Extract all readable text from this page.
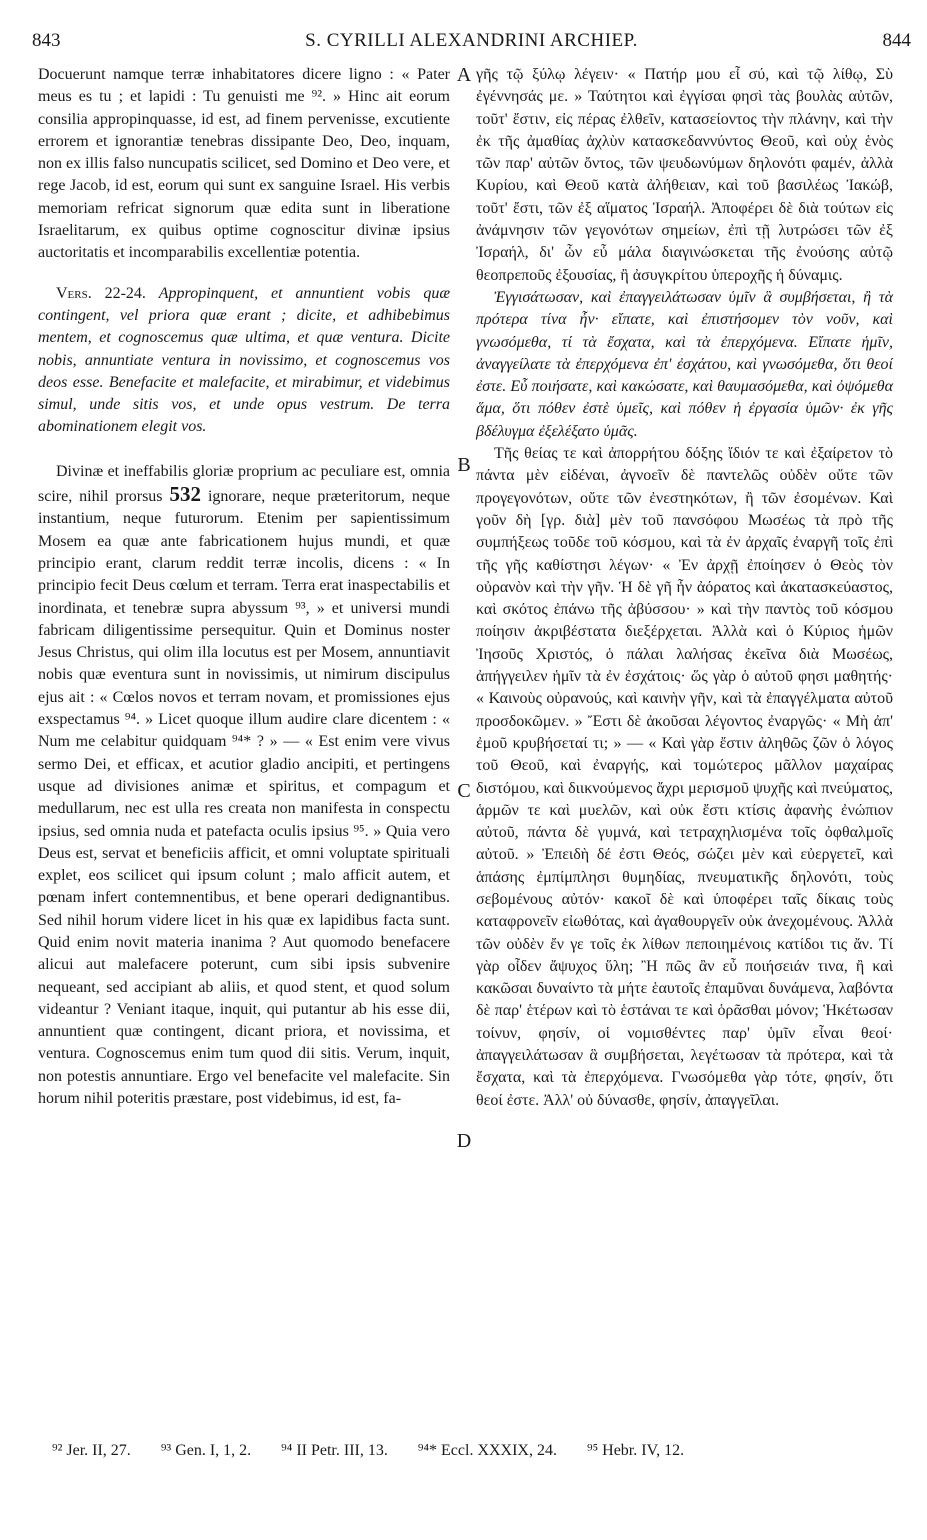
843	S. CYRILLI ALEXANDRINI ARCHIEP.	844

Docuerunt namque terræ inhabitatores dicere ligno : « Pater meus es tu ; et lapidi : Tu genuisti me ⁹². » Hinc ait eorum consilia appropinquasse, id est, ad finem pervenisse, excutiente errorem et ignorantiæ tenebras dissipante Deo, Deo, inquam, non ex illis falso nuncupatis scilicet, sed Domino et Deo vere, et rege Jacob, id est, eorum qui sunt ex sanguine Israel. His verbis memoriam refricat signorum quæ edita sunt in liberatione Israelitarum, ex quibus optime cognoscitur divinæ ipsius auctoritatis et incomparabilis excellentiæ potentia.

Vers. 22-24. Appropinquent, et annuntient vobis quæ contingent, vel priora quæ erant ; dicite, et adhibebimus mentem, et cognoscemus quæ ultima, et quæ ventura. Dicite nobis, annuntiate ventura in novissimo, et cognoscemus vos deos esse. Benefacite et malefacite, et mirabimur, et videbimus simul, unde sitis vos, et unde opus vestrum. De terra abominationem elegit vos.

Divinæ et ineffabilis gloriæ proprium ac peculiare est, omnia scire, nihil prorsus 532 ignorare, neque præteritorum, neque instantium, neque futurorum. Etenim per sapientissimum Mosem ea quæ ante fabricationem hujus mundi, et quæ principio erant, clarum reddit terræ incolis, dicens : « In principio fecit Deus cœlum et terram. Terra erat inaspectabilis et inordinata, et tenebræ supra abyssum ⁹³, » et universi mundi fabricam diligentissime persequitur. Quin et Dominus noster Jesus Christus, qui olim illa locutus est per Mosem, annuntiavit nobis quæ eventura sunt in novissimis, ut nimirum discipulus ejus ait : « Cœlos novos et terram novam, et promissiones ejus exspectamus ⁹⁴. » Licet quoque illum audire clare dicentem : « Num me celabitur quidquam ⁹⁴* ? » — « Est enim vere vivus sermo Dei, et efficax, et acutior gladio ancipiti, et pertingens usque ad divisiones animæ et spiritus, et compagum et medullarum, nec est ulla res creata non manifesta in conspectu ipsius, sed omnia nuda et patefacta oculis ipsius ⁹⁵. » Quia vero Deus est, servat et beneficiis afficit, et omni voluptate spirituali explet, eos scilicet qui ipsum colunt ; malo afficit autem, et pœnam infert contemnentibus, et bene operari dedignantibus. Sed nihil horum videre licet in his quæ ex lapidibus facta sunt. Quid enim novit materia inanima ? Aut quomodo benefacere alicui aut malefacere poterunt, cum sibi ipsis subvenire nequeant, sed accipiant ab aliis, et quod stent, et quod solum videantur ? Veniant itaque, inquit, qui putantur ab his esse dii, annuntient quæ contingent, dicant priora, et novissima, et ventura. Cognoscemus enim tum quod dii sitis. Verum, inquit, non potestis annuntiare. Ergo vel benefacite vel malefacite. Sin horum nihil poteritis præstare, post videbimus, id est, fa-

A
B
C
D

γῆς τῷ ξύλῳ λέγειν· « Πατήρ μου εἶ σύ, καὶ τῷ λίθῳ, Σὺ ἐγέννησάς με. » Ταύτητοι καὶ ἐγγίσαι φησὶ τὰς βουλὰς αὐτῶν, τοῦτ' ἔστιν, εἰς πέρας ἐλθεῖν, κατασείοντος τὴν πλάνην, καὶ τὴν ἐκ τῆς ἀμαθίας ἀχλὺν κατασκεδαννύντος Θεοῦ, καὶ οὐχ ἑνὸς τῶν παρ' αὐτῶν ὄντος, τῶν ψευδωνύμων δηλονότι φαμέν, ἀλλὰ Κυρίου, καὶ Θεοῦ κατὰ ἀλήθειαν, καὶ τοῦ βασιλέως Ἰακώβ, τοῦτ' ἔστι, τῶν ἐξ αἵματος Ἰσραήλ. Ἀποφέρει δὲ διὰ τούτων εἰς ἀνάμνησιν τῶν γεγονότων σημείων, ἐπὶ τῇ λυτρώσει τῶν ἐξ Ἰσραήλ, δι' ὧν εὖ μάλα διαγινώσκεται τῆς ἐνούσης αὐτῷ θεοπρεποῦς ἐξουσίας, ἢ ἀσυγκρίτου ὑπεροχῆς ἡ δύναμις.

Ἐγγισάτωσαν, καὶ ἐπαγγειλάτωσαν ὑμῖν ἃ συμβήσεται, ἢ τὰ πρότερα τίνα ἦν· εἴπατε, καὶ ἐπιστήσομεν τὸν νοῦν, καὶ γνωσόμεθα, τί τὰ ἔσχατα, καὶ τὰ ἐπερχόμενα. Εἴπατε ἡμῖν, ἀναγγείλατε τὰ ἐπερχόμενα ἐπ' ἐσχάτου, καὶ γνωσόμεθα, ὅτι θεοί ἐστε. Εὖ ποιήσατε, καὶ κακώσατε, καὶ θαυμασόμεθα, καὶ ὀψόμεθα ἅμα, ὅτι πόθεν ἐστὲ ὑμεῖς, καὶ πόθεν ἡ ἐργασία ὑμῶν· ἐκ γῆς βδέλυγμα ἐξελέξατο ὑμᾶς.

Τῆς θείας τε καὶ ἀπορρήτου δόξης ἴδιόν τε καὶ ἐξαίρετον τὸ πάντα μὲν εἰδέναι, ἀγνοεῖν δὲ παντελῶς οὐδὲν οὔτε τῶν προγεγονότων, οὔτε τῶν ἐνεστηκότων, ἢ τῶν ἐσομένων. Καὶ γοῦν δὴ [γρ. διὰ] μὲν τοῦ πανσόφου Μωσέως τὰ πρὸ τῆς συμπήξεως τοῦδε τοῦ κόσμου, καὶ τὰ ἐν ἀρχαῖς ἐναργῆ τοῖς ἐπὶ τῆς γῆς καθίστησι λέγων· « Ἐν ἀρχῇ ἐποίησεν ὁ Θεὸς τὸν οὐρανὸν καὶ τὴν γῆν. Ἡ δὲ γῆ ἦν ἀόρατος καὶ ἀκατασκεύαστος, καὶ σκότος ἐπάνω τῆς ἀβύσσου· » καὶ τὴν παντὸς τοῦ κόσμου ποίησιν ἀκριβέστατα διεξέρχεται. Ἀλλὰ καὶ ὁ Κύριος ἡμῶν Ἰησοῦς Χριστός, ὁ πάλαι λαλήσας ἐκεῖνα διὰ Μωσέως, ἀπήγγειλεν ἡμῖν τὰ ἐν ἐσχάτοις· ὥς γὰρ ὁ αὐτοῦ φησι μαθητής· « Καινοὺς οὐρανούς, καὶ καινὴν γῆν, καὶ τὰ ἐπαγγέλματα αὐτοῦ προσδοκῶμεν. » Ἔστι δὲ ἀκοῦσαι λέγοντος ἐναργῶς· « Μὴ ἀπ' ἐμοῦ κρυβήσεταί τι; » — « Καὶ γὰρ ἔστιν ἀληθῶς ζῶν ὁ λόγος τοῦ Θεοῦ, καὶ ἐναργής, καὶ τομώτερος μᾶλλον μαχαίρας διστόμου, καὶ διικνούμενος ἄχρι μερισμοῦ ψυχῆς καὶ πνεύματος, ἁρμῶν τε καὶ μυελῶν, καὶ οὐκ ἔστι κτίσις ἀφανὴς ἐνώπιον αὐτοῦ, πάντα δὲ γυμνά, καὶ τετραχηλισμένα τοῖς ὀφθαλμοῖς αὐτοῦ. » Ἐπειδὴ δέ ἐστι Θεός, σώζει μὲν καὶ εὐεργετεῖ, καὶ ἁπάσης ἐμπίμπλησι θυμηδίας, πνευματικῆς δηλονότι, τοὺς σεβομένους αὐτόν· κακοῖ δὲ καὶ ὑποφέρει ταῖς δίκαις τοὺς καταφρονεῖν εἰωθότας, καὶ ἀγαθουργεῖν οὐκ ἀνεχομένους. Ἀλλὰ τῶν οὐδὲν ἔν γε τοῖς ἐκ λίθων πεποιημένοις κατίδοι τις ἄν. Τί γὰρ οἶδεν ἄψυχος ὕλη; Ἢ πῶς ἂν εὖ ποιήσειάν τινα, ἢ καὶ κακῶσαι δυναίντο τὰ μήτε ἑαυτοῖς ἐπαμῦναι δυνάμενα, λαβόντα δὲ παρ' ἑτέρων καὶ τὸ ἑστάναι τε καὶ ὁρᾶσθαι μόνον; Ἡκέτωσαν τοίνυν, φησίν, οἱ νομισθέντες παρ' ὑμῖν εἶναι θεοί· ἀπαγγειλάτωσαν ἃ συμβήσεται, λεγέτωσαν τὰ πρότερα, καὶ τὰ ἔσχατα, καὶ τὰ ἐπερχόμενα. Γνωσόμεθα γὰρ τότε, φησίν, ὅτι θεοί ἐστε. Ἀλλ' οὐ δύνασθε, φησίν, ἀπαγγεῖλαι.

⁹² Jer. II, 27. ⁹³ Gen. I, 1, 2. ⁹⁴ II Petr. III, 13. ⁹⁴* Eccl. XXXIX, 24. ⁹⁵ Hebr. IV, 12.
